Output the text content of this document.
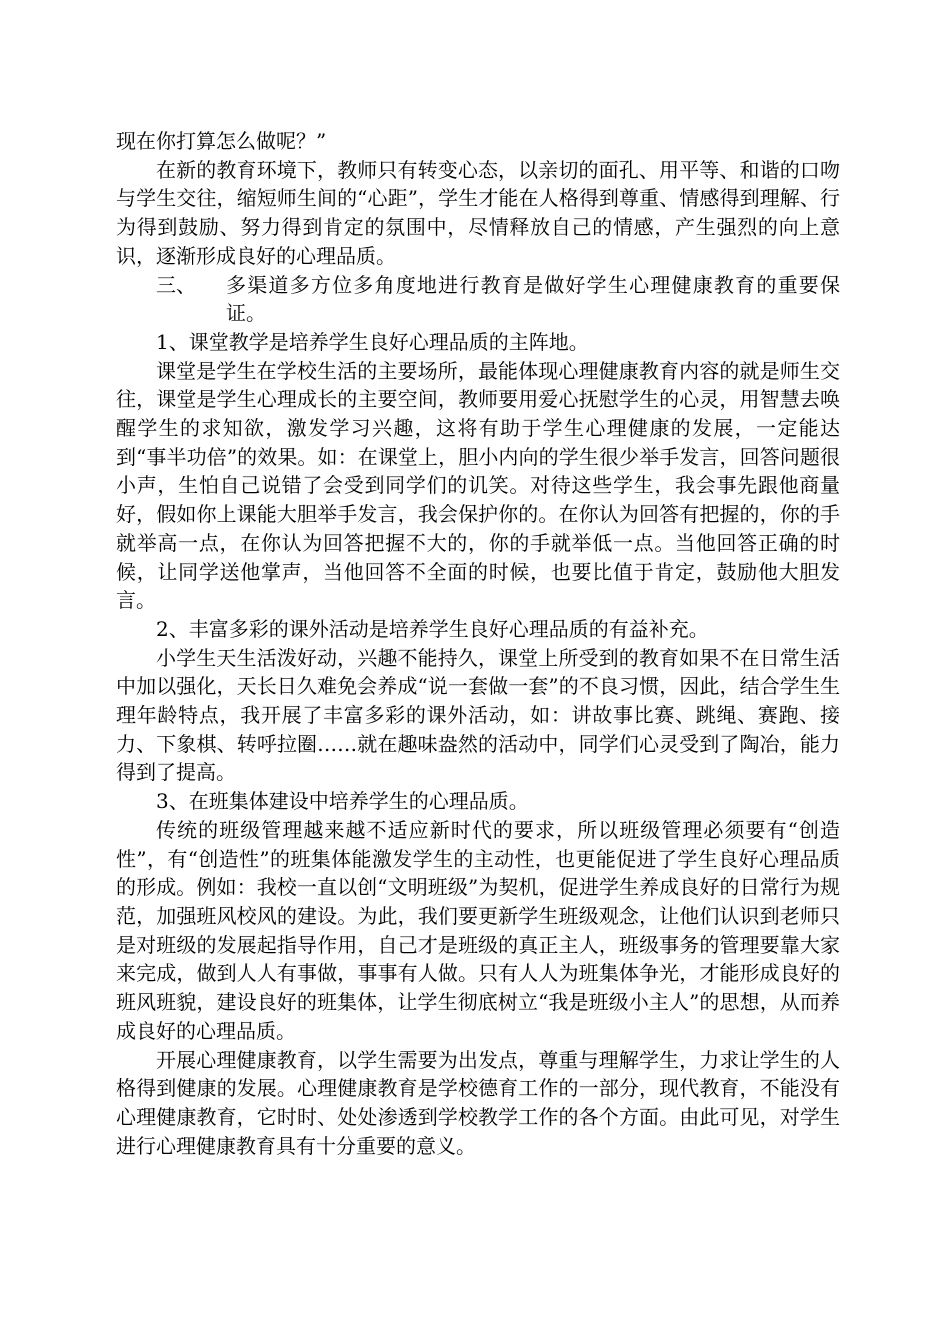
现在你打算怎么做呢？”

在新的教育环境下，教师只有转变心态，以亲切的面孔、用平等、和谐的口吻与学生交往，缩短师生间的“心距”，学生才能在人格得到尊重、情感得到理解、行为得到鼓励、努力得到肯定的氛围中，尽情释放自己的情感，产生强烈的向上意识，逐渐形成良好的心理品质。

三、	多渠道多方位多角度地进行教育是做好学生心理健康教育的重要保证。

1、课堂教学是培养学生良好心理品质的主阵地。

课堂是学生在学校生活的主要场所，最能体现心理健康教育内容的就是师生交往，课堂是学生心理成长的主要空间，教师要用爱心抚慰学生的心灵，用智慧去唤醒学生的求知欲，激发学习兴趣，这将有助于学生心理健康的发展，一定能达到“事半功倍”的效果。如：在课堂上，胆小内向的学生很少举手发言，回答问题很小声，生怕自己说错了会受到同学们的讥笑。对待这些学生，我会事先跟他商量好，假如你上课能大胆举手发言，我会保护你的。在你认为回答有把握的，你的手就举高一点，在你认为回答把握不大的，你的手就举低一点。当他回答正确的时候，让同学送他掌声，当他回答不全面的时候，也要比值于肯定，鼓励他大胆发言。

2、丰富多彩的课外活动是培养学生良好心理品质的有益补充。

小学生天生活泼好动，兴趣不能持久，课堂上所受到的教育如果不在日常生活中加以强化，天长日久难免会养成“说一套做一套”的不良习惯，因此，结合学生生理年龄特点，我开展了丰富多彩的课外活动，如：讲故事比赛、跳绳、赛跑、接力、下象棋、转呼拉圈……就在趣味盎然的活动中，同学们心灵受到了陶冶，能力得到了提高。

3、在班集体建设中培养学生的心理品质。

传统的班级管理越来越不适应新时代的要求，所以班级管理必须要有“创造性”，有“创造性”的班集体能激发学生的主动性，也更能促进了学生良好心理品质的形成。例如：我校一直以创“文明班级”为契机，促进学生养成良好的日常行为规范，加强班风校风的建设。为此，我们要更新学生班级观念，让他们认识到老师只是对班级的发展起指导作用，自己才是班级的真正主人，班级事务的管理要靠大家来完成，做到人人有事做，事事有人做。只有人人为班集体争光，才能形成良好的班风班貌，建设良好的班集体，让学生彻底树立“我是班级小主人”的思想，从而养成良好的心理品质。

开展心理健康教育，以学生需要为出发点，尊重与理解学生，力求让学生的人格得到健康的发展。心理健康教育是学校德育工作的一部分，现代教育，不能没有心理健康教育，它时时、处处渗透到学校教学工作的各个方面。由此可见，对学生进行心理健康教育具有十分重要的意义。
